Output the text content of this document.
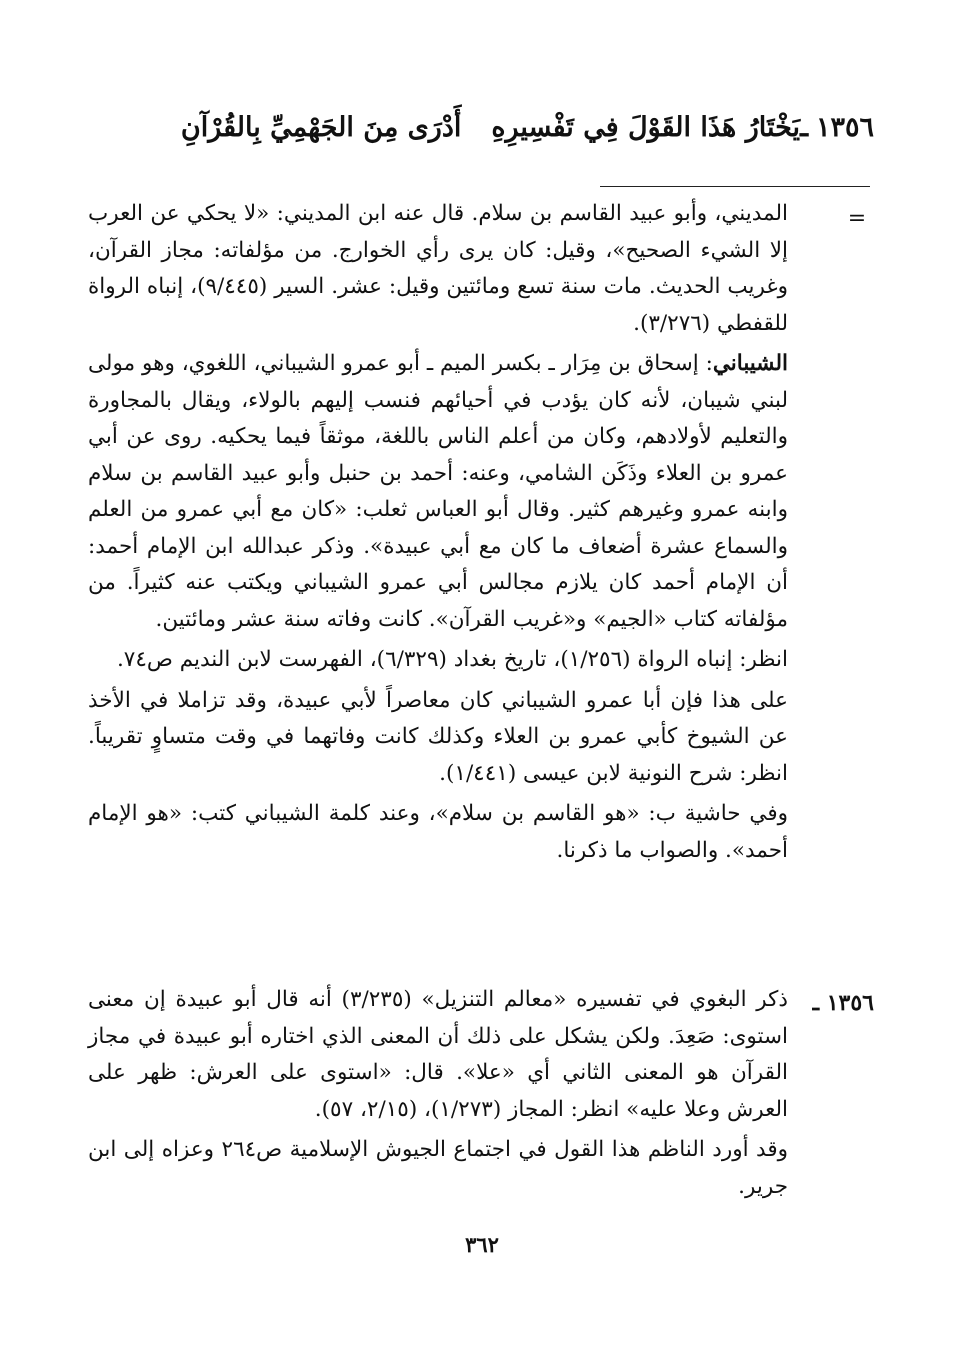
١٣٥٦
ـ
يَخْتَارُ هَذَا القَوْلَ فِي تَفْسِيرِهِ
أَدْرَى مِنَ الجَهْمِيِّ بِالقُرْآنِ
=

المديني، وأبو عبيد القاسم بن سلام. قال عنه ابن المديني: «لا يحكي عن العرب إلا الشيء الصحيح»، وقيل: كان يرى رأي الخوارج. من مؤلفاته: مجاز القرآن، وغريب الحديث. مات سنة تسع ومائتين وقيل: عشر. السير (٩/٤٤٥)، إنباه الرواة للقفطي (٣/٢٧٦).

الشيباني: إسحاق بن مِرَار ـ بكسر الميم ـ أبو عمرو الشيباني، اللغوي، وهو مولى لبني شيبان، لأنه كان يؤدب في أحيائهم فنسب إليهم بالولاء، ويقال بالمجاورة والتعليم لأولادهم، وكان من أعلم الناس باللغة، موثقاً فيما يحكيه. روى عن أبي عمرو بن العلاء وذَكَن الشامي، وعنه: أحمد بن حنبل وأبو عبيد القاسم بن سلام وابنه عمرو وغيرهم كثير. وقال أبو العباس ثعلب: «كان مع أبي عمرو من العلم والسماع عشرة أضعاف ما كان مع أبي عبيدة». وذكر عبدالله ابن الإمام أحمد: أن الإمام أحمد كان يلازم مجالس أبي عمرو الشيباني ويكتب عنه كثيراً. من مؤلفاته كتاب «الجيم» و«غريب القرآن». كانت وفاته سنة عشر ومائتين.

انظر: إنباه الرواة (١/٢٥٦)، تاريخ بغداد (٦/٣٢٩)، الفهرست لابن النديم ص٧٤.

على هذا فإن أبا عمرو الشيباني كان معاصراً لأبي عبيدة، وقد تزاملا في الأخذ عن الشيوخ كأبي عمرو بن العلاء وكذلك كانت وفاتهما في وقت متساوٍ تقريباً. انظر: شرح النونية لابن عيسى (١/٤٤١).

وفي حاشية ب: «هو القاسم بن سلام»، وعند كلمة الشيباني كتب: «هو الإمام أحمد». والصواب ما ذكرنا.

١٣٥٦ ـ

ذكر البغوي في تفسيره «معالم التنزيل» (٣/٢٣٥) أنه قال أبو عبيدة إن معنى استوى: صَعِدَ. ولكن يشكل على ذلك أن المعنى الذي اختاره أبو عبيدة في مجاز القرآن هو المعنى الثاني أي «علا». قال: «استوى على العرش: ظهر على العرش وعلا عليه» انظر: المجاز (١/٢٧٣)، (٢/١٥، ٥٧).

وقد أورد الناظم هذا القول في اجتماع الجيوش الإسلامية ص٢٦٤ وعزاه إلى ابن جرير.

٣٦٢
